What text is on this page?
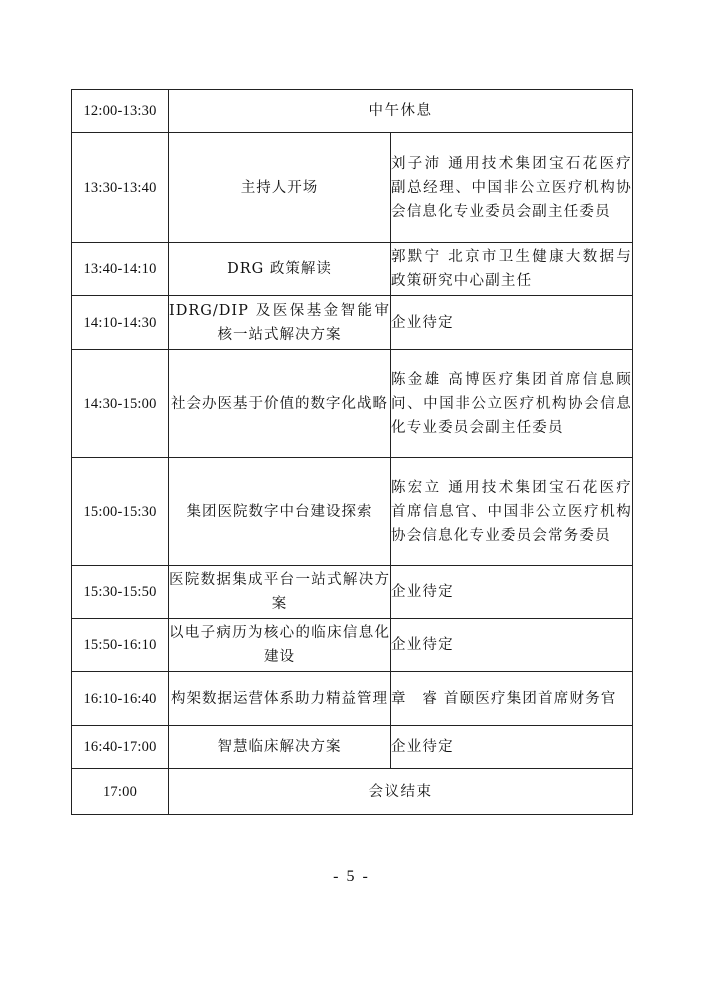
12:00-13:30	中午休息	
13:30-13:40	主持人开场	刘子沛 通用技术集团宝石花医疗副总经理、中国非公立医疗机构协会信息化专业委员会副主任委员
13:40-14:10	DRG 政策解读	郭默宁 北京市卫生健康大数据与政策研究中心副主任
14:10-14:30	IDRG/DIP 及医保基金智能审核一站式解决方案	企业待定
14:30-15:00	社会办医基于价值的数字化战略	陈金雄 高博医疗集团首席信息顾问、中国非公立医疗机构协会信息化专业委员会副主任委员
15:00-15:30	集团医院数字中台建设探索	陈宏立 通用技术集团宝石花医疗首席信息官、中国非公立医疗机构协会信息化专业委员会常务委员
15:30-15:50	医院数据集成平台一站式解决方案	企业待定
15:50-16:10	以电子病历为核心的临床信息化建设	企业待定
16:10-16:40	构架数据运营体系助力精益管理	章　睿 首颐医疗集团首席财务官
16:40-17:00	智慧临床解决方案	企业待定
17:00	会议结束	
- 5 -
